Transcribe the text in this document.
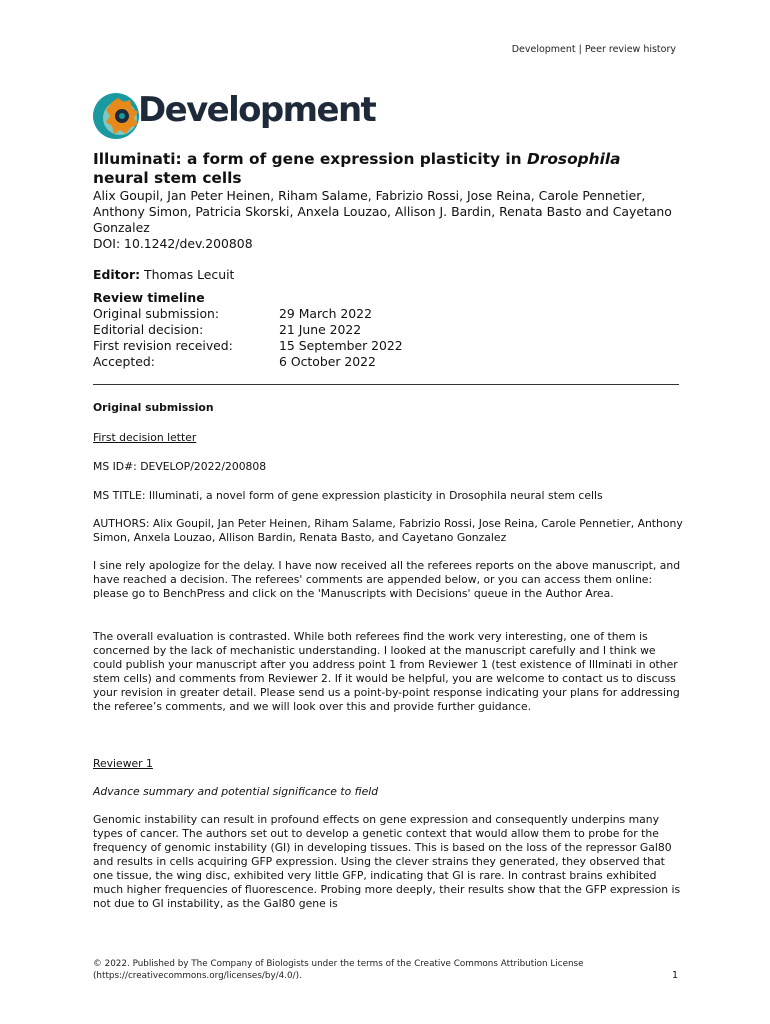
Development | Peer review history
Development
Illuminati: a form of gene expression plasticity in Drosophila
neural stem cells
Alix Goupil, Jan Peter Heinen, Riham Salame, Fabrizio Rossi, Jose Reina, Carole Pennetier, Anthony Simon, Patricia Skorski, Anxela Louzao, Allison J. Bardin, Renata Basto and Cayetano Gonzalez
DOI: 10.1242/dev.200808
Editor: Thomas Lecuit
Review timeline
Original submission:	29 March 2022
Editorial decision:	21 June 2022
First revision received:	15 September 2022
Accepted:	6 October 2022
Original submission
First decision letter
MS ID#: DEVELOP/2022/200808
MS TITLE: Illuminati, a novel form of gene expression plasticity in Drosophila neural stem cells
AUTHORS: Alix Goupil, Jan Peter Heinen, Riham Salame, Fabrizio Rossi, Jose Reina, Carole Pennetier, Anthony Simon, Anxela Louzao, Allison Bardin, Renata Basto, and Cayetano Gonzalez
I sine rely apologize for the delay. I have now received all the referees reports on the above manuscript, and have reached a decision. The referees' comments are appended below, or you can access them online: please go to BenchPress and click on the 'Manuscripts with Decisions' queue in the Author Area.
The overall evaluation is contrasted. While both referees find the work very interesting, one of them is concerned by the lack of mechanistic understanding. I looked at the manuscript carefully and I think we could publish your manuscript after you address point 1 from Reviewer 1 (test existence of Illminati in other stem cells) and comments from Reviewer 2. If it would be helpful, you are welcome to contact us to discuss your revision in greater detail. Please send us a point-by-point response indicating your plans for addressing the referee’s comments, and we will look over this and provide further guidance.
Reviewer 1
Advance summary and potential significance to field
Genomic instability can result in profound effects on gene expression and consequently underpins many types of cancer. The authors set out to develop a genetic context that would allow them to probe for the frequency of genomic instability (GI) in developing tissues. This is based on the loss of the repressor Gal80 and results in cells acquiring GFP expression. Using the clever strains they generated, they observed that one tissue, the wing disc, exhibited very little GFP, indicating that GI is rare. In contrast brains exhibited much higher frequencies of fluorescence. Probing more deeply, their results show that the GFP expression is not due to GI instability, as the Gal80 gene is
© 2022. Published by The Company of Biologists under the terms of the Creative Commons Attribution License (https://creativecommons.org/licenses/by/4.0/).	1
